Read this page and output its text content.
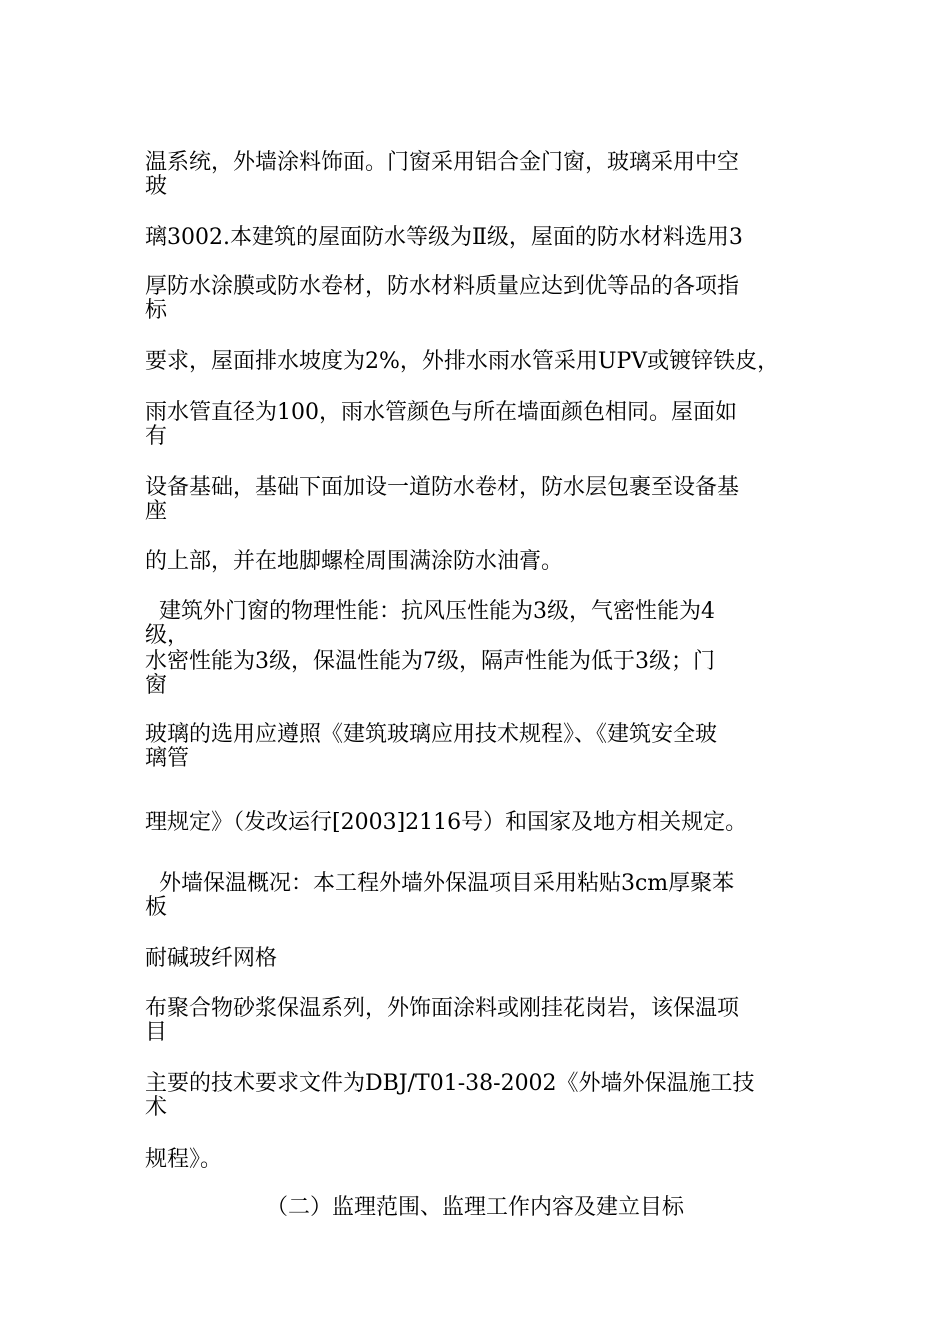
温系统，外墙涂料饰面。门窗采用铝合金门窗，玻璃采用中空
玻
璃3002.本建筑的屋面防水等级为Ⅱ级，屋面的防水材料选用3
厚防水涂膜或防水卷材，防水材料质量应达到优等品的各项指
标
要求，屋面排水坡度为2%，外排水雨水管采用UPV或镀锌铁皮，
雨水管直径为100，雨水管颜色与所在墙面颜色相同。屋面如
有
设备基础，基础下面加设一道防水卷材，防水层包裹至设备基
座
的上部，并在地脚螺栓周围满涂防水油膏。
建筑外门窗的物理性能：抗风压性能为3级，气密性能为4
级，
水密性能为3级，保温性能为7级，隔声性能为低于3级；门
窗
玻璃的选用应遵照《建筑玻璃应用技术规程》、《建筑安全玻
璃管
理规定》（发改运行[2003]2116号）和国家及地方相关规定。
外墙保温概况：本工程外墙外保温项目采用粘贴3cm厚聚苯
板
耐碱玻纤网格
布聚合物砂浆保温系列，外饰面涂料或刚挂花岗岩，该保温项
目
主要的技术要求文件为DBJ/T01-38-2002《外墙外保温施工技
术
规程》。
（二）监理范围、监理工作内容及建立目标
